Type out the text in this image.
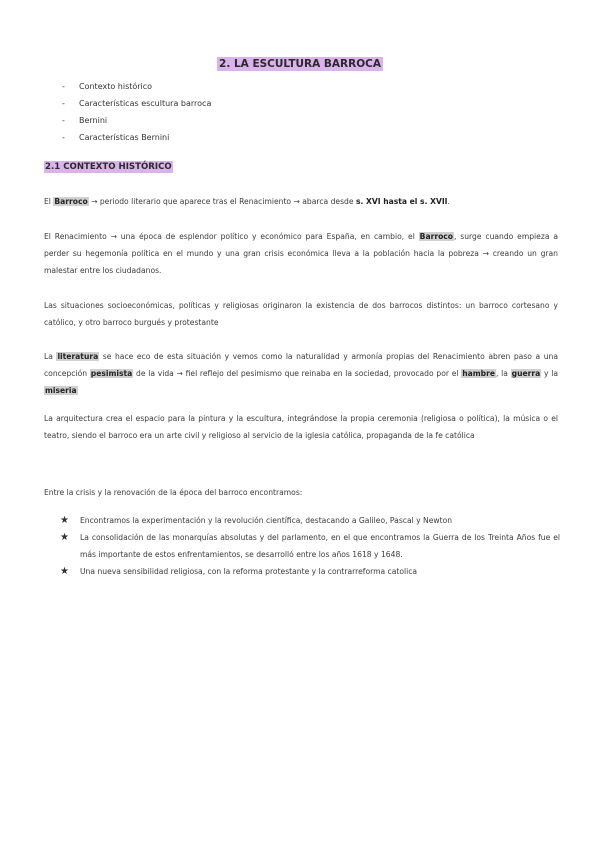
2. LA ESCULTURA BARROCA
-	Contexto histórico
-	Características escultura barroca
-	Bernini
-	Características Bernini
2.1 CONTEXTO HISTÓRICO
El Barroco → periodo literario que aparece tras el Renacimiento → abarca desde s. XVI hasta el s. XVII.
El Renacimiento → una época de esplendor político y económico para España, en cambio, el Barroco, surge cuando empieza a perder su hegemonía política en el mundo y una gran crisis económica lleva a la población hacia la pobreza → creando un gran malestar entre los ciudadanos.
Las situaciones socioeconómicas, políticas y religiosas originaron la existencia de dos barrocos distintos: un barroco cortesano y católico, y otro barroco burgués y protestante
La literatura se hace eco de esta situación y vemos como la naturalidad y armonía propias del Renacimiento abren paso a una concepción pesimista de la vida → fiel reflejo del pesimismo que reinaba en la sociedad, provocado por el hambre, la guerra y la miseria
La arquitectura crea el espacio para la pintura y la escultura, integrándose la propia ceremonia (religiosa o política), la música o el teatro, siendo el barroco era un arte civil y religioso al servicio de la iglesia católica, propaganda de la fe católica
Entre la crisis y la renovación de la época del barroco encontramos:
★	Encontramos la experimentación y la revolución científica, destacando a Galileo, Pascal y Newton
★	La consolidación de las monarquías absolutas y del parlamento, en el que encontramos la Guerra de los Treinta Años fue el más importante de estos enfrentamientos, se desarrolló entre los años 1618 y 1648.
★	Una nueva sensibilidad religiosa, con la reforma protestante y la contrarreforma catolica
